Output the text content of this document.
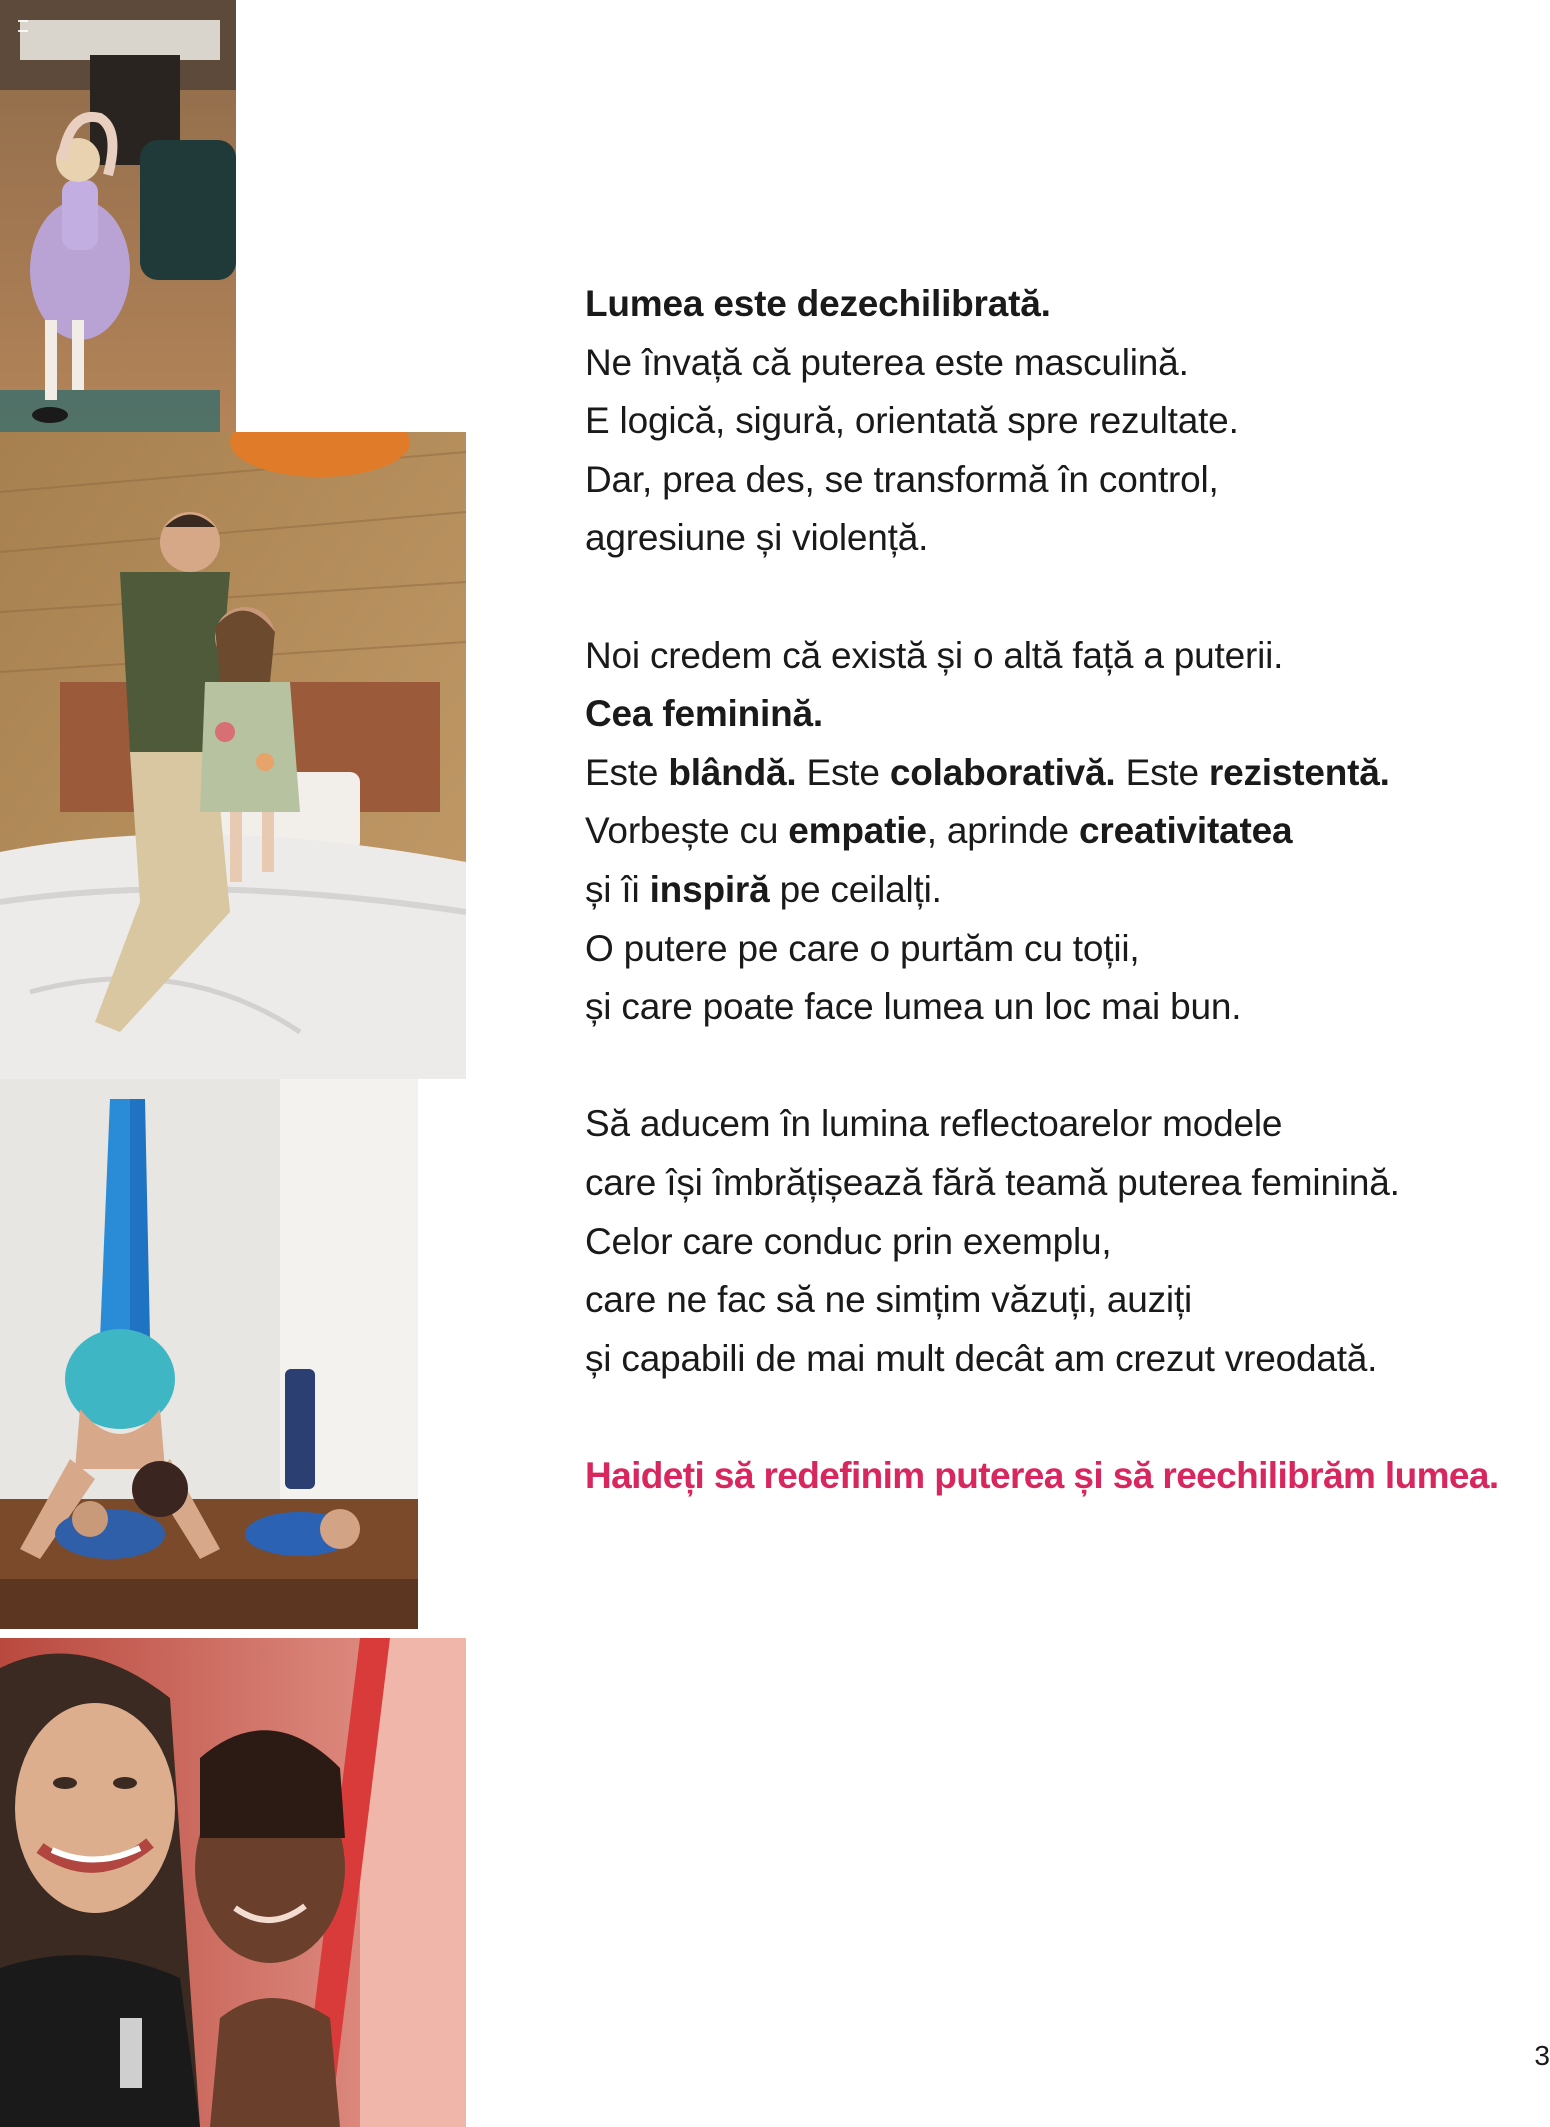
Lumea este dezechilibrată.

Ne învață că puterea este masculină.

E logică, sigură, orientată spre rezultate.

Dar, prea des, se transformă în control,

agresiune și violență.

Noi credem că există și o altă față a puterii.

Cea feminină.

Este blândă. Este colaborativă. Este rezistentă.

Vorbește cu empatie, aprinde creativitatea

și îi inspiră pe ceilalți.

O putere pe care o purtăm cu toții,

și care poate face lumea un loc mai bun.

Să aducem în lumina reflectoarelor modele

care își îmbrățișează fără teamă puterea feminină.

Celor care conduc prin exemplu,

care ne fac să ne simțim văzuți, auziți

și capabili de mai mult decât am crezut vreodată.

Haideți să redefinim puterea și să reechilibrăm lumea.

3
